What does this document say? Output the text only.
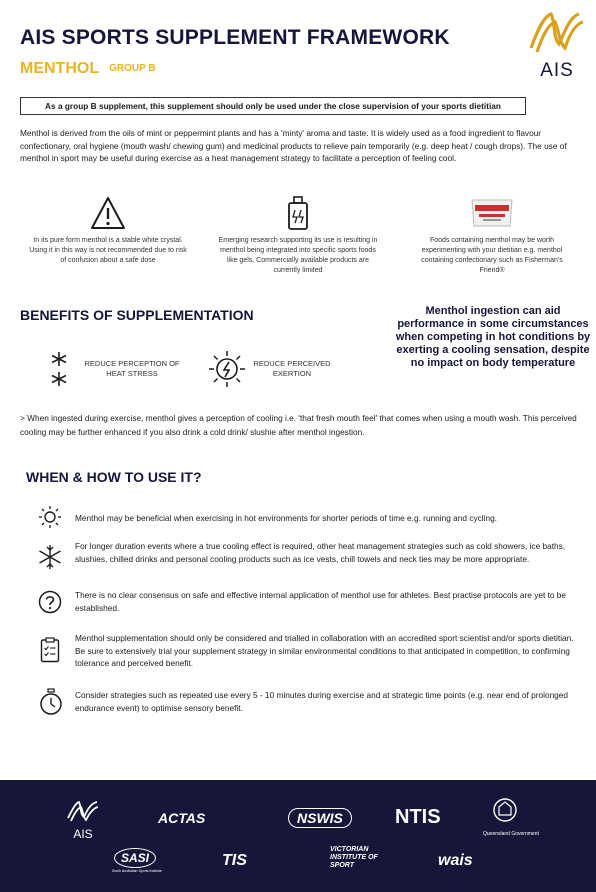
AIS SPORTS SUPPLEMENT FRAMEWORK
MENTHOL GROUP B	AIS
As a group B supplement, this supplement should only be used under the close supervision of your sports dietitian
Menthol is derived from the oils of mint or peppermint plants and has a 'minty' aroma and taste. It is widely used as a food ingredient to flavour confectionary, oral hygiene (mouth wash/ chewing gum) and medicinal products to relieve pain temporarily (e.g. deep heat / cough drops). The use of menthol in sport may be useful during exercise as a heat management strategy to facilitate a perception of feeling cool.
In its pure form menthol is a stable white crystal. Using it in this way is not recommended due to risk of confusion about a safe dose
Emerging research supporting its use is resulting in menthol being integrated into specific sports foods like gels. Commercially available products are currently limited
Foods containing menthol may be worth experimenting with your dietitian e.g. menthol containing confectionary such as Fisherman's Friend®
BENEFITS OF SUPPLEMENTATION
REDUCE PERCEPTION OF HEAT STRESS
REDUCE PERCEIVED EXERTION
Menthol ingestion can aid performance in some circumstances when competing in hot conditions by exerting a cooling sensation, despite no impact on body temperature
> When ingested during exercise, menthol gives a perception of cooling i.e. 'that fresh mouth feel' that comes when using a mouth wash. This perceived cooling may be further enhanced if you also drink a cold drink/ slushie after menthol ingestion.
WHEN & HOW TO USE IT?
Menthol may be beneficial when exercising in hot environments for shorter periods of time e.g. running and cycling.
For longer duration events where a true cooling effect is required, other heat management strategies such as cold showers, ice baths, slushies, chilled drinks and personal cooling products such as ice vests, chill towels and neck ties may be more appropriate.
There is no clear consensus on safe and effective internal application of menthol use for athletes. Best practise protocols are yet to be established.
Menthol supplementation should only be considered and trialled in collaboration with an accredited sport scientist and/or sports dietitian. Be sure to extensively trial your supplement strategy in similar environmental conditions to that anticipated in competition, to confirming tolerance and perceived benefit.
Consider strategies such as repeated use every 5 - 10 minutes during exercise and at strategic time points (e.g. near end of prolonged endurance event) to optimise sensory benefit.
AIS
ACTAS	NSWIS	NTIS
Queensland Government
SASI
South Australian Sports Institute
TIS
VICTORIAN INSTITUTE OF SPORT	wais
